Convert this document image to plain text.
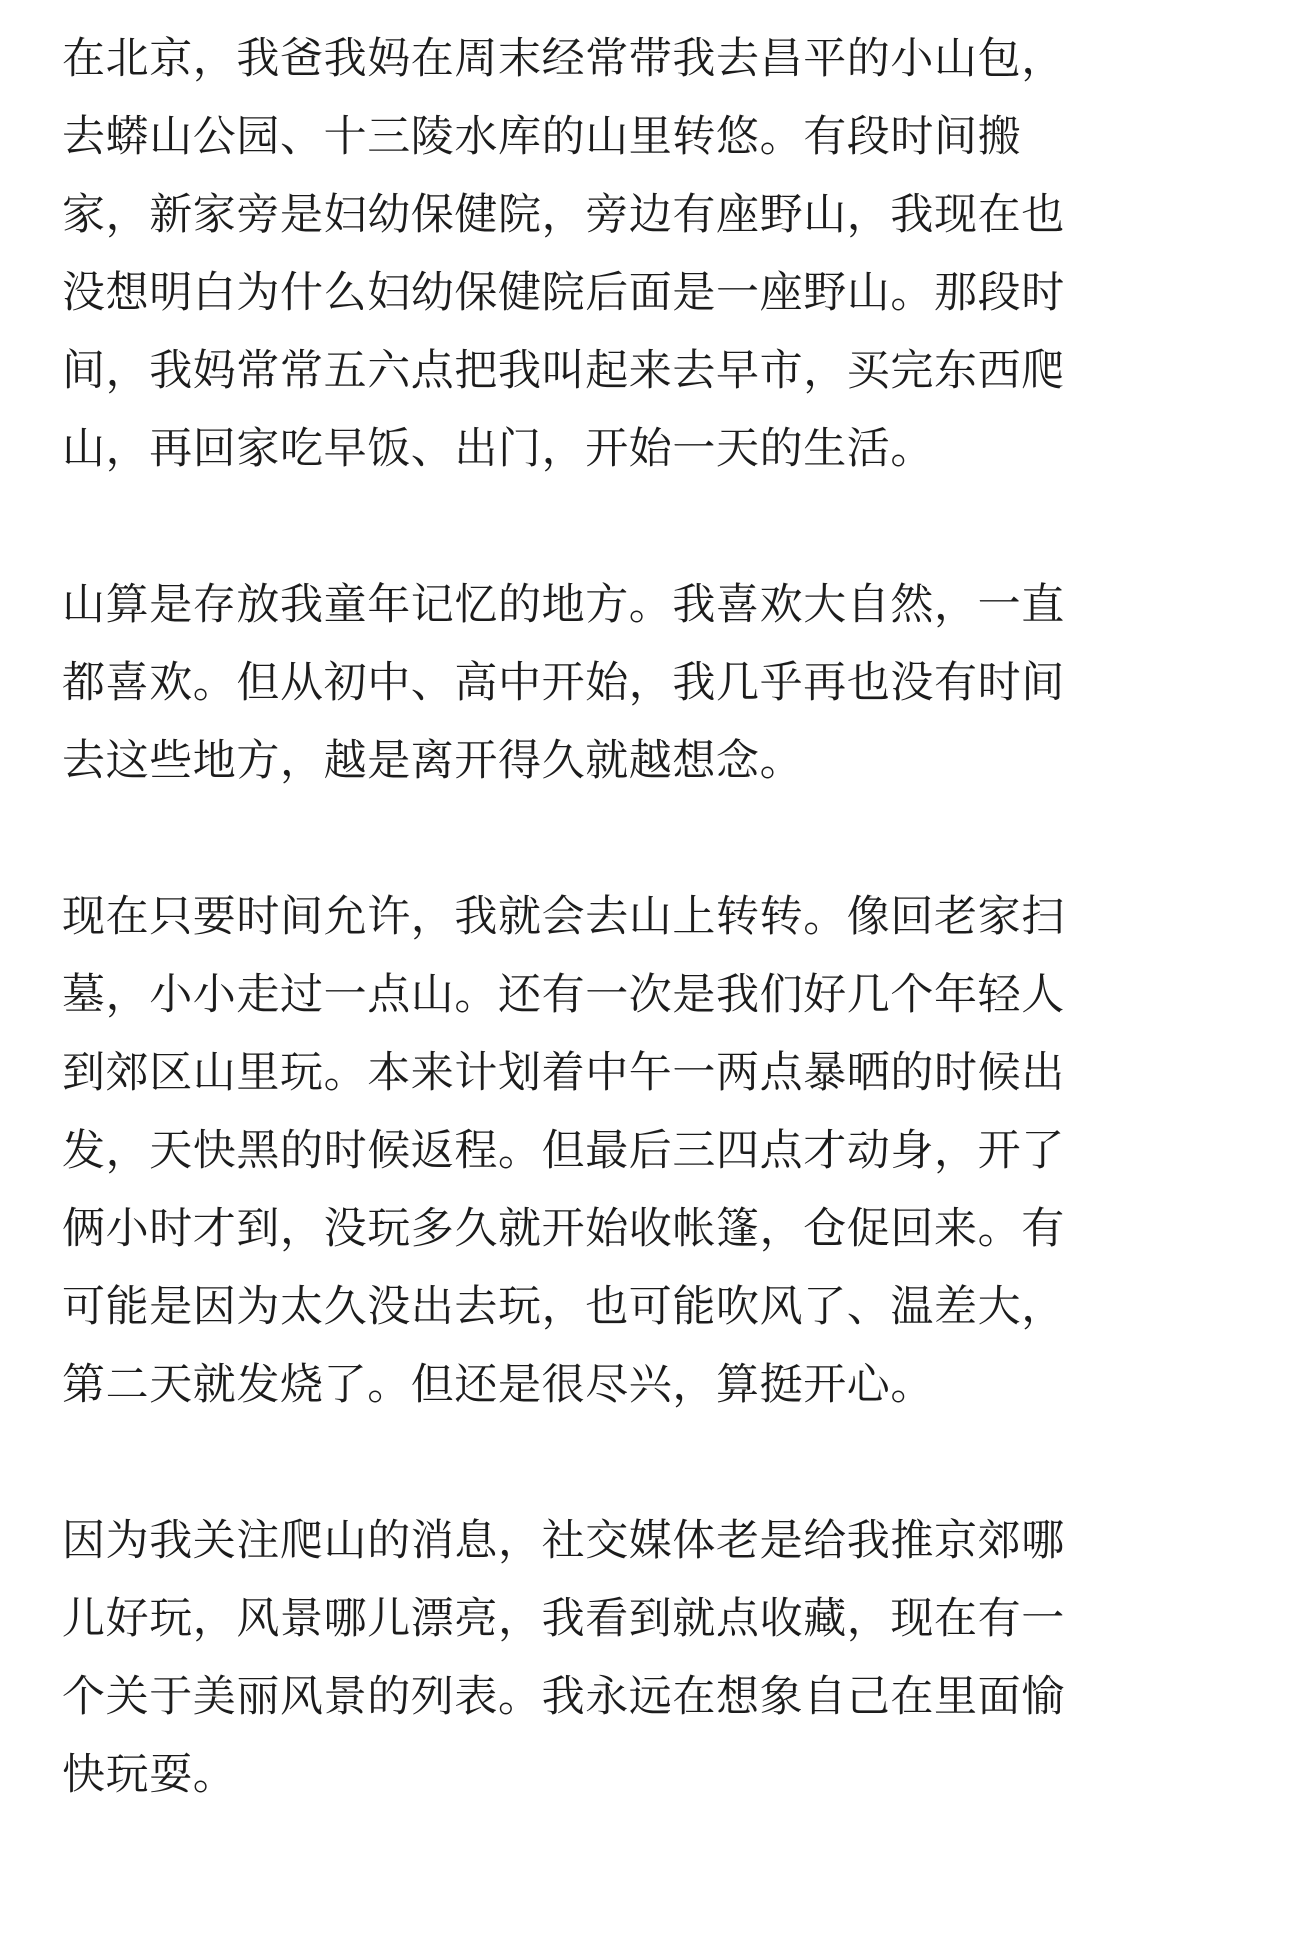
在北京，我爸我妈在周末经常带我去昌平的小山包，
去蟒山公园、十三陵水库的山里转悠。有段时间搬
家，新家旁是妇幼保健院，旁边有座野山，我现在也
没想明白为什么妇幼保健院后面是一座野山。那段时
间，我妈常常五六点把我叫起来去早市，买完东西爬
山，再回家吃早饭、出门，开始一天的生活。

山算是存放我童年记忆的地方。我喜欢大自然，一直
都喜欢。但从初中、高中开始，我几乎再也没有时间
去这些地方，越是离开得久就越想念。

现在只要时间允许，我就会去山上转转。像回老家扫
墓，小小走过一点山。还有一次是我们好几个年轻人
到郊区山里玩。本来计划着中午一两点暴晒的时候出
发，天快黑的时候返程。但最后三四点才动身，开了
俩小时才到，没玩多久就开始收帐篷，仓促回来。有
可能是因为太久没出去玩，也可能吹风了、温差大，
第二天就发烧了。但还是很尽兴，算挺开心。

因为我关注爬山的消息，社交媒体老是给我推京郊哪
儿好玩，风景哪儿漂亮，我看到就点收藏，现在有一
个关于美丽风景的列表。我永远在想象自己在里面愉
快玩耍。
